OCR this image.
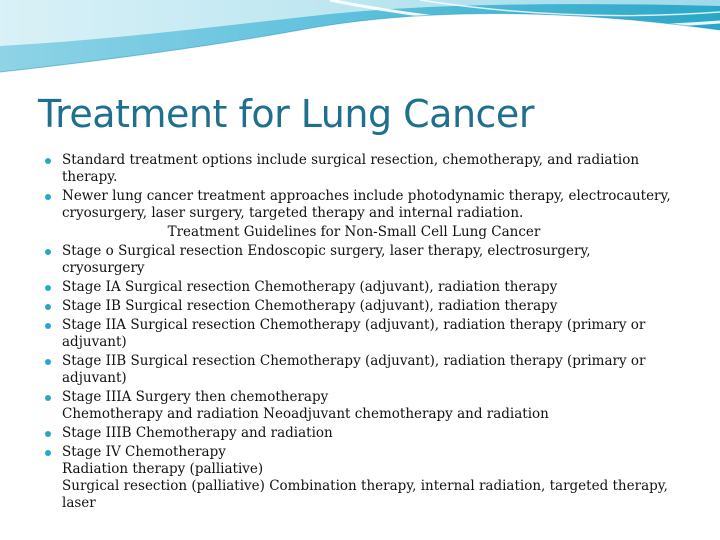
Treatment for Lung Cancer
Standard treatment options include surgical resection, chemotherapy, and radiation therapy.
Newer lung cancer treatment approaches include photodynamic therapy, electrocautery, cryosurgery, laser surgery, targeted therapy and internal radiation.
Treatment Guidelines for Non-Small Cell Lung Cancer
Stage o Surgical resection Endoscopic surgery, laser therapy, electrosurgery, cryosurgery
Stage IA Surgical resection Chemotherapy (adjuvant), radiation therapy
Stage IB Surgical resection Chemotherapy (adjuvant), radiation therapy
Stage IIA Surgical resection Chemotherapy (adjuvant), radiation therapy (primary or adjuvant)
Stage IIB Surgical resection Chemotherapy (adjuvant), radiation therapy (primary or adjuvant)
Stage IIIA Surgery then chemotherapy
Chemotherapy and radiation Neoadjuvant chemotherapy and radiation
Stage IIIB Chemotherapy and radiation
Stage IV Chemotherapy
Radiation therapy (palliative)
Surgical resection (palliative) Combination therapy, internal radiation, targeted therapy, laser
